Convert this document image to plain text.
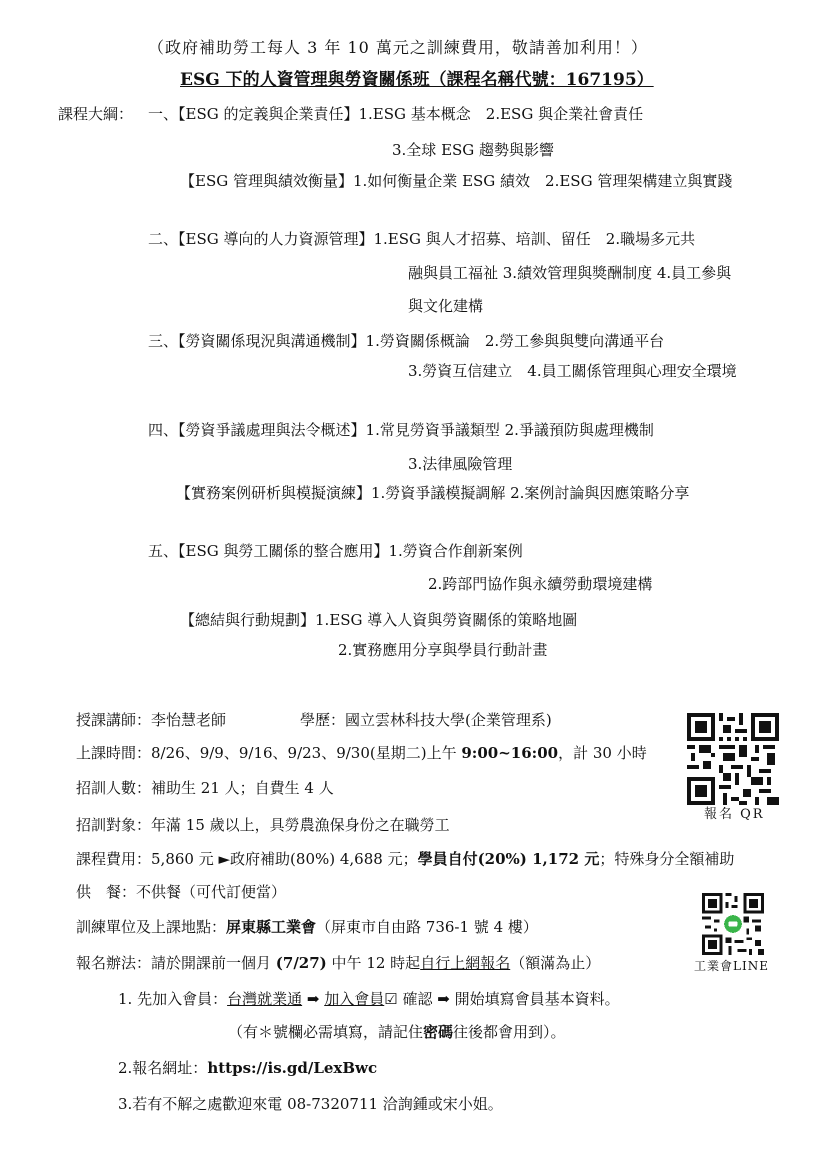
（政府補助勞工每人 3 年 10 萬元之訓練費用，敬請善加利用！）
ESG 下的人資管理與勞資關係班（課程名稱代號：167195）
課程大綱： 一、【ESG 的定義與企業責任】1.ESG 基本概念　2.ESG 與企業社會責任
3.全球 ESG 趨勢與影響
【ESG 管理與績效衡量】1.如何衡量企業 ESG 績效　2.ESG 管理架構建立與實踐
二、【ESG 導向的人力資源管理】1.ESG 與人才招募、培訓、留任　2.職場多元共
融與員工福祉 3.績效管理與獎酬制度 4.員工參與
與文化建構
三、【勞資關係現況與溝通機制】1.勞資關係概論　2.勞工參與與雙向溝通平台
3.勞資互信建立　4.員工關係管理與心理安全環境
四、【勞資爭議處理與法令概述】1.常見勞資爭議類型 2.爭議預防與處理機制
3.法律風險管理
【實務案例研析與模擬演練】1.勞資爭議模擬調解 2.案例討論與因應策略分享
五、【ESG 與勞工關係的整合應用】1.勞資合作創新案例
2.跨部門協作與永續勞動環境建構
【總結與行動規劃】1.ESG 導入人資與勞資關係的策略地圖
2.實務應用分享與學員行動計畫
授課講師：李怡慧老師	學歷：國立雲林科技大學(企業管理系)
上課時間：8/26、9/9、9/16、9/23、9/30(星期二)上午 9:00~16:00，計 30 小時
招訓人數：補助生 21 人；自費生 4 人
招訓對象：年滿 15 歲以上，具勞農漁保身份之在職勞工
課程費用：5,860 元 ►政府補助(80%) 4,688 元；學員自付(20%) 1,172 元；特殊身分全額補助
供　餐：不供餐（可代訂便當）
訓練單位及上課地點：屏東縣工業會（屏東市自由路 736-1 號 4 樓）
報名辦法：請於開課前一個月 (7/27) 中午 12 時起自行上網報名（額滿為止）
1. 先加入會員：台灣就業通 ➡ 加入會員☑ 確認 ➡ 開始填寫會員基本資料。
（有＊號欄必需填寫，請記住密碼往後都會用到）。
2.報名網址：https://is.gd/LexBwc
3.若有不解之處歡迎來電 08-7320711 洽詢鍾或宋小姐。
報名 QR
工業會LINE
